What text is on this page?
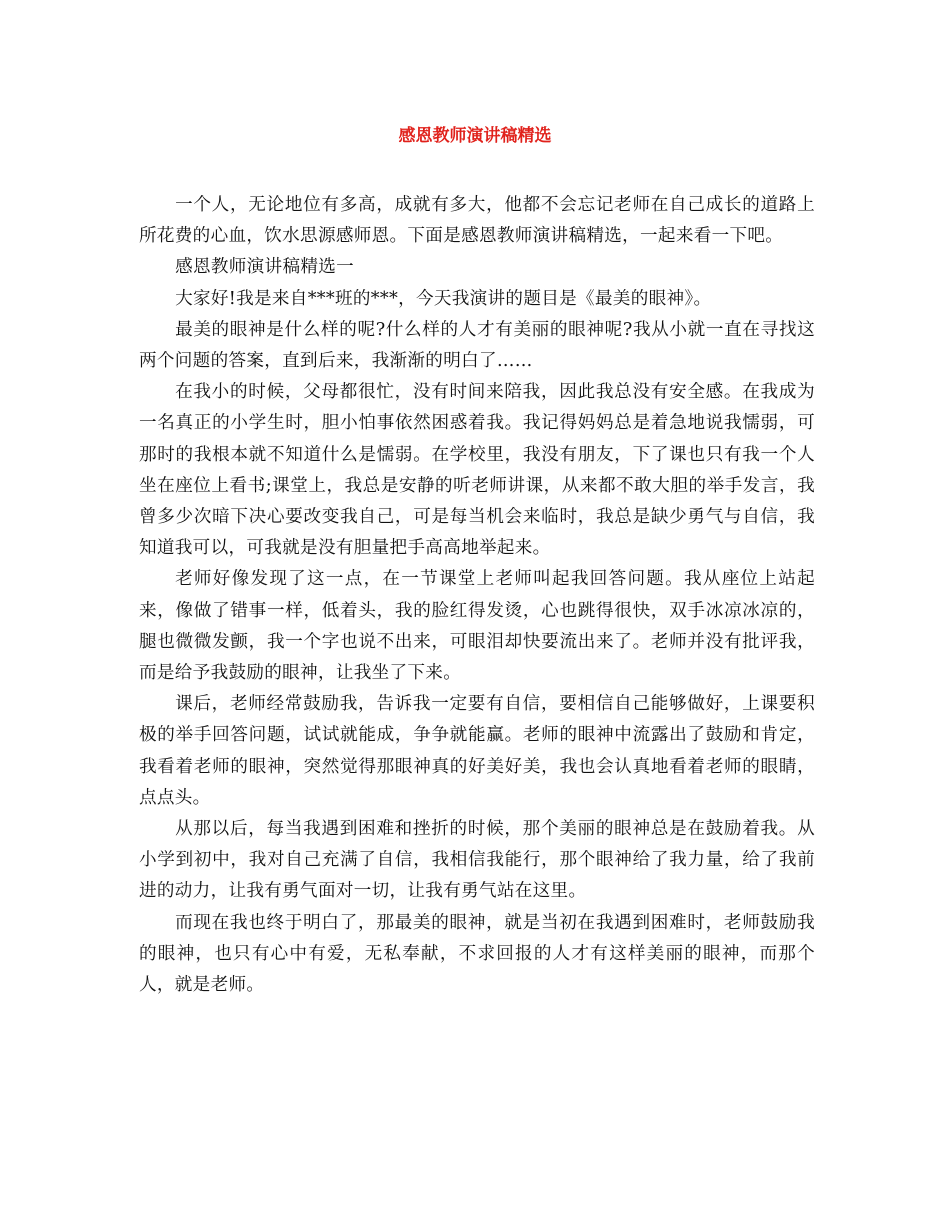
感恩教师演讲稿精选

一个人，无论地位有多高，成就有多大，他都不会忘记老师在自己成长的道路上所花费的心血，饮水思源感师恩。下面是感恩教师演讲稿精选，一起来看一下吧。

感恩教师演讲稿精选一

大家好!我是来自***班的***，今天我演讲的题目是《最美的眼神》。

最美的眼神是什么样的呢?什么样的人才有美丽的眼神呢?我从小就一直在寻找这两个问题的答案，直到后来，我渐渐的明白了……

在我小的时候，父母都很忙，没有时间来陪我，因此我总没有安全感。在我成为一名真正的小学生时，胆小怕事依然困惑着我。我记得妈妈总是着急地说我懦弱，可那时的我根本就不知道什么是懦弱。在学校里，我没有朋友，下了课也只有我一个人坐在座位上看书;课堂上，我总是安静的听老师讲课，从来都不敢大胆的举手发言，我曾多少次暗下决心要改变我自己，可是每当机会来临时，我总是缺少勇气与自信，我知道我可以，可我就是没有胆量把手高高地举起来。

老师好像发现了这一点，在一节课堂上老师叫起我回答问题。我从座位上站起来，像做了错事一样，低着头，我的脸红得发烫，心也跳得很快，双手冰凉冰凉的，腿也微微发颤，我一个字也说不出来，可眼泪却快要流出来了。老师并没有批评我，而是给予我鼓励的眼神，让我坐了下来。

课后，老师经常鼓励我，告诉我一定要有自信，要相信自己能够做好，上课要积极的举手回答问题，试试就能成，争争就能赢。老师的眼神中流露出了鼓励和肯定，我看着老师的眼神，突然觉得那眼神真的好美好美，我也会认真地看着老师的眼睛，点点头。

从那以后，每当我遇到困难和挫折的时候，那个美丽的眼神总是在鼓励着我。从小学到初中，我对自己充满了自信，我相信我能行，那个眼神给了我力量，给了我前进的动力，让我有勇气面对一切，让我有勇气站在这里。

而现在我也终于明白了，那最美的眼神，就是当初在我遇到困难时，老师鼓励我的眼神，也只有心中有爱，无私奉献，不求回报的人才有这样美丽的眼神，而那个人，就是老师。
